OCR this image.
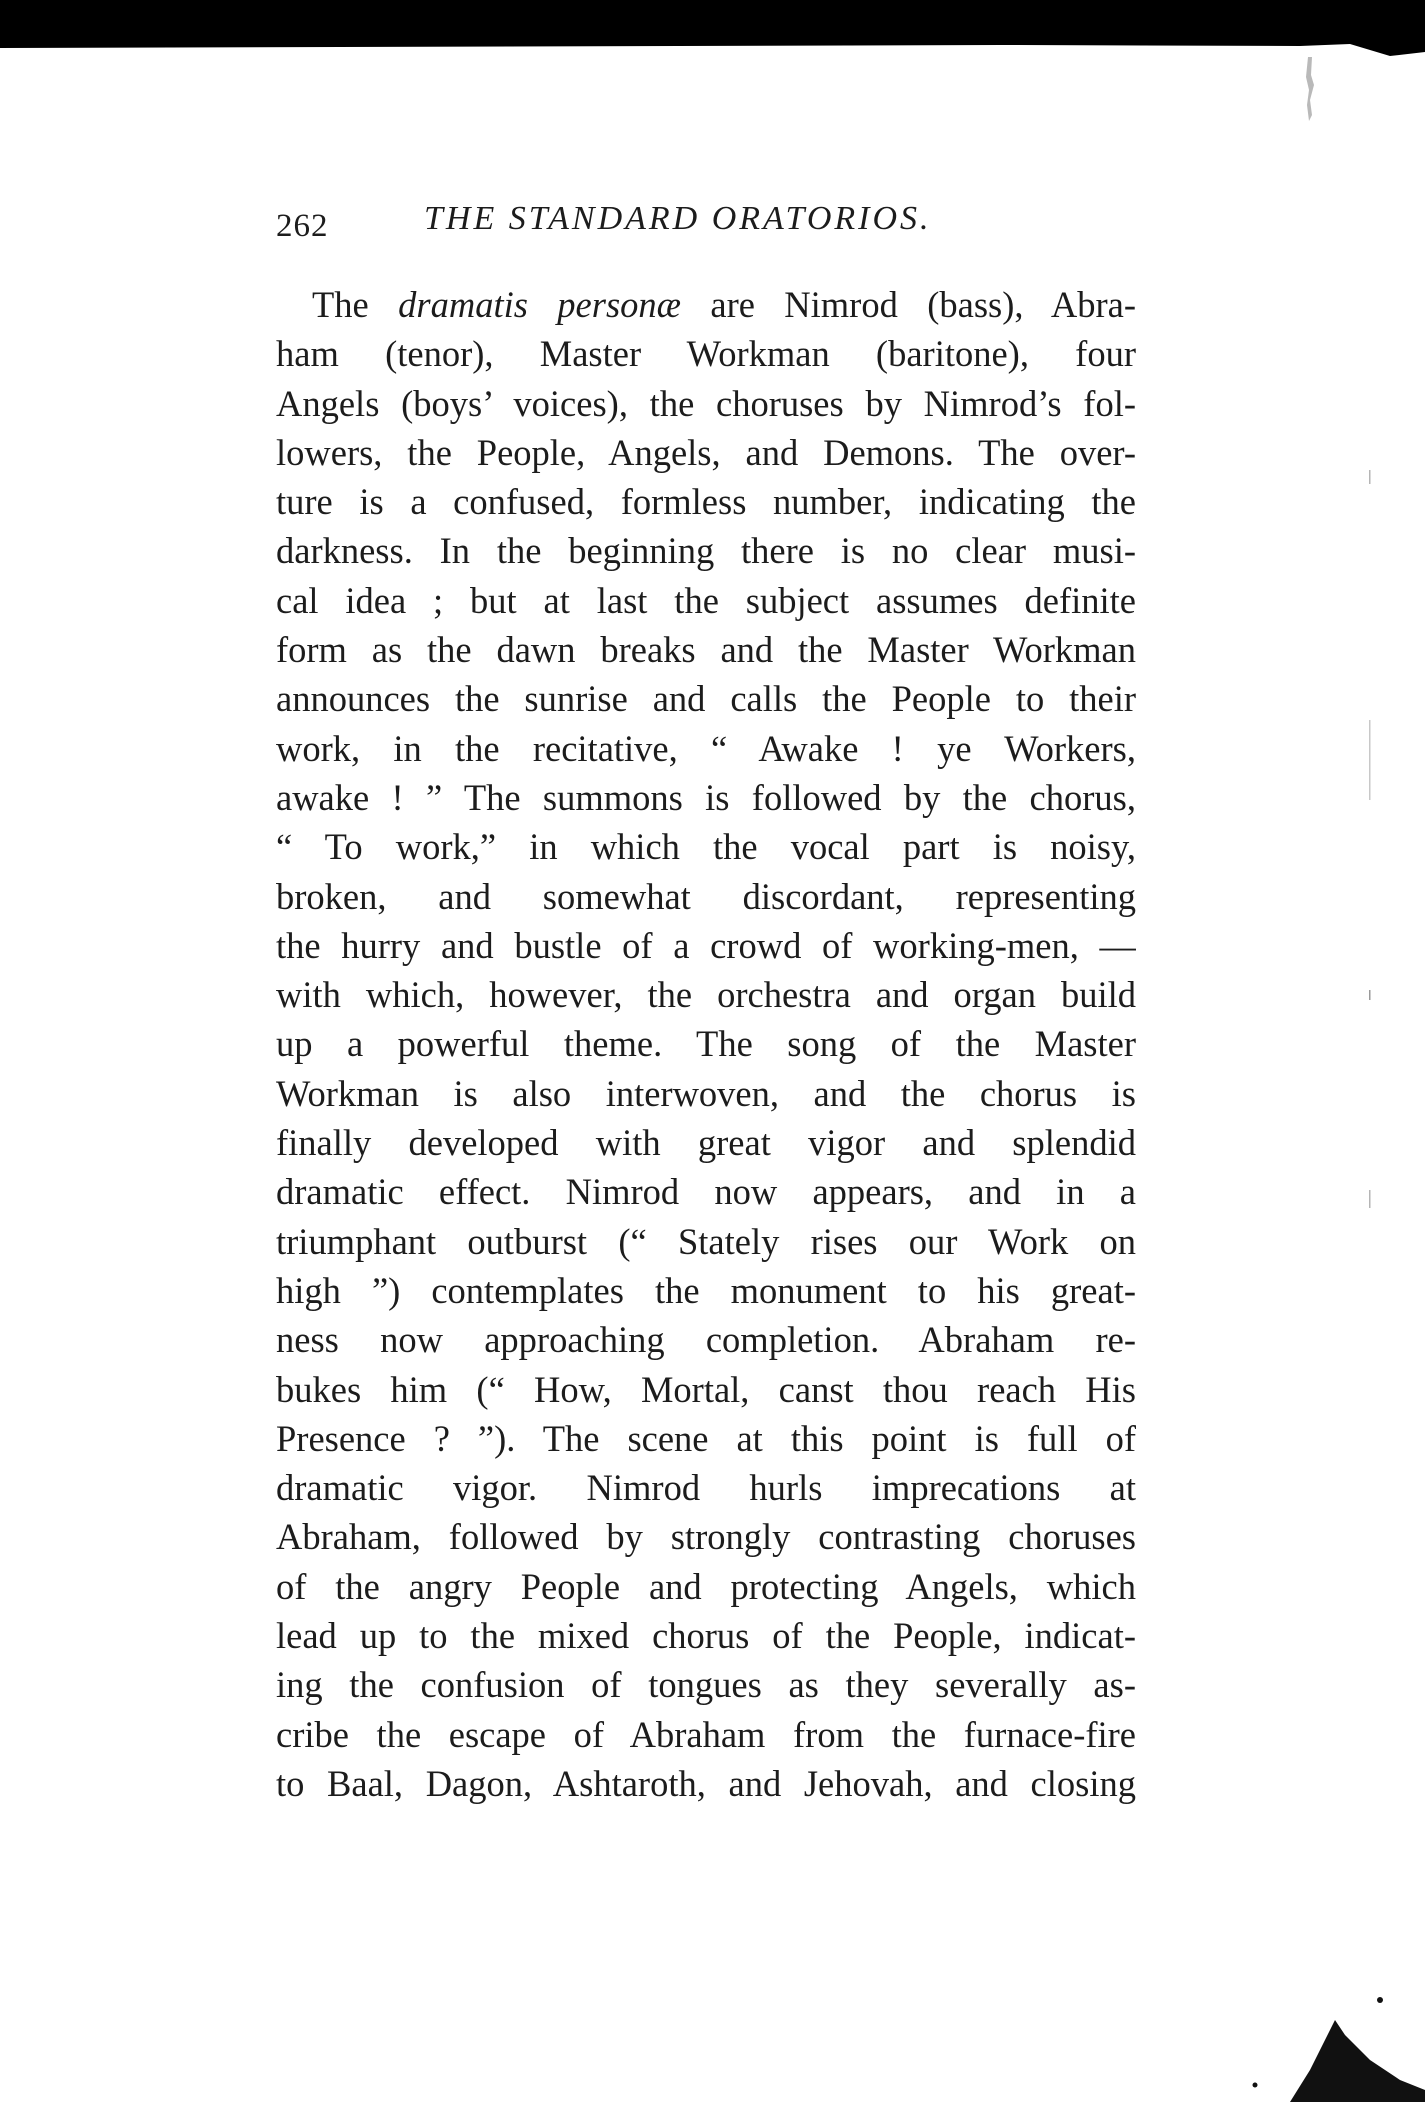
262	THE STANDARD ORATORIOS.
The dramatis personæ are Nimrod (bass), Abra-
ham (tenor), Master Workman (baritone), four
Angels (boys’ voices), the choruses by Nimrod’s fol-
lowers, the People, Angels, and Demons. The over-
ture is a confused, formless number, indicating the
darkness. In the beginning there is no clear musi-
cal idea ; but at last the subject assumes definite
form as the dawn breaks and the Master Workman
announces the sunrise and calls the People to their
work, in the recitative, “ Awake ! ye Workers,
awake ! ” The summons is followed by the chorus,
“ To work,” in which the vocal part is noisy,
broken, and somewhat discordant, representing
the hurry and bustle of a crowd of working-men, —
with which, however, the orchestra and organ build
up a powerful theme. The song of the Master
Workman is also interwoven, and the chorus is
finally developed with great vigor and splendid
dramatic effect. Nimrod now appears, and in a
triumphant outburst (“ Stately rises our Work on
high ”) contemplates the monument to his great-
ness now approaching completion. Abraham re-
bukes him (“ How, Mortal, canst thou reach His
Presence ? ”). The scene at this point is full of
dramatic vigor. Nimrod hurls imprecations at
Abraham, followed by strongly contrasting choruses
of the angry People and protecting Angels, which
lead up to the mixed chorus of the People, indicat-
ing the confusion of tongues as they severally as-
cribe the escape of Abraham from the furnace-fire
to Baal, Dagon, Ashtaroth, and Jehovah, and closing
